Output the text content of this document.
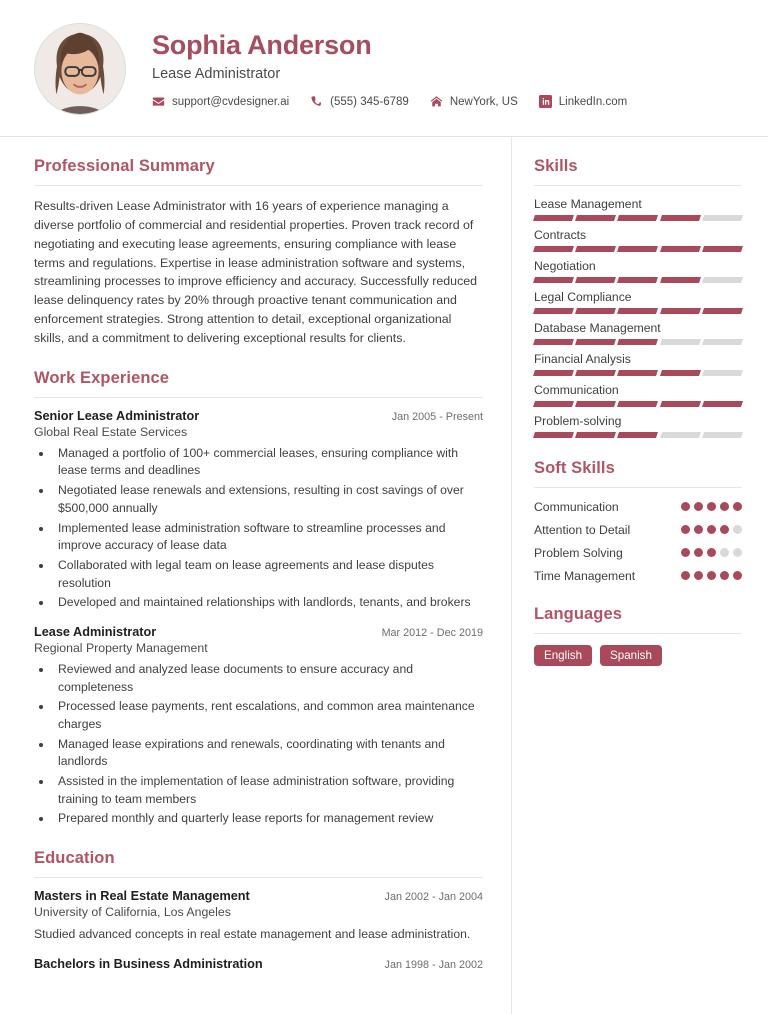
Sophia Anderson
Lease Administrator
support@cvdesigner.ai	(555) 345-6789	NewYork, US	LinkedIn.com
Professional Summary
Results-driven Lease Administrator with 16 years of experience managing a diverse portfolio of commercial and residential properties. Proven track record of negotiating and executing lease agreements, ensuring compliance with lease terms and regulations. Expertise in lease administration software and systems, streamlining processes to improve efficiency and accuracy. Successfully reduced lease delinquency rates by 20% through proactive tenant communication and enforcement strategies. Strong attention to detail, exceptional organizational skills, and a commitment to delivering exceptional results for clients.
Work Experience
Senior Lease Administrator	Jan 2005 - Present
Global Real Estate Services
• Managed a portfolio of 100+ commercial leases, ensuring compliance with lease terms and deadlines
• Negotiated lease renewals and extensions, resulting in cost savings of over $500,000 annually
• Implemented lease administration software to streamline processes and improve accuracy of lease data
• Collaborated with legal team on lease agreements and lease disputes resolution
• Developed and maintained relationships with landlords, tenants, and brokers
Lease Administrator	Mar 2012 - Dec 2019
Regional Property Management
• Reviewed and analyzed lease documents to ensure accuracy and completeness
• Processed lease payments, rent escalations, and common area maintenance charges
• Managed lease expirations and renewals, coordinating with tenants and landlords
• Assisted in the implementation of lease administration software, providing training to team members
• Prepared monthly and quarterly lease reports for management review
Education
Masters in Real Estate Management	Jan 2002 - Jan 2004
University of California, Los Angeles
Studied advanced concepts in real estate management and lease administration.
Bachelors in Business Administration	Jan 1998 - Jan 2002
Skills
Lease Management
Contracts
Negotiation
Legal Compliance
Database Management
Financial Analysis
Communication
Problem-solving
Soft Skills
Communication
Attention to Detail
Problem Solving
Time Management
Languages
English	Spanish
